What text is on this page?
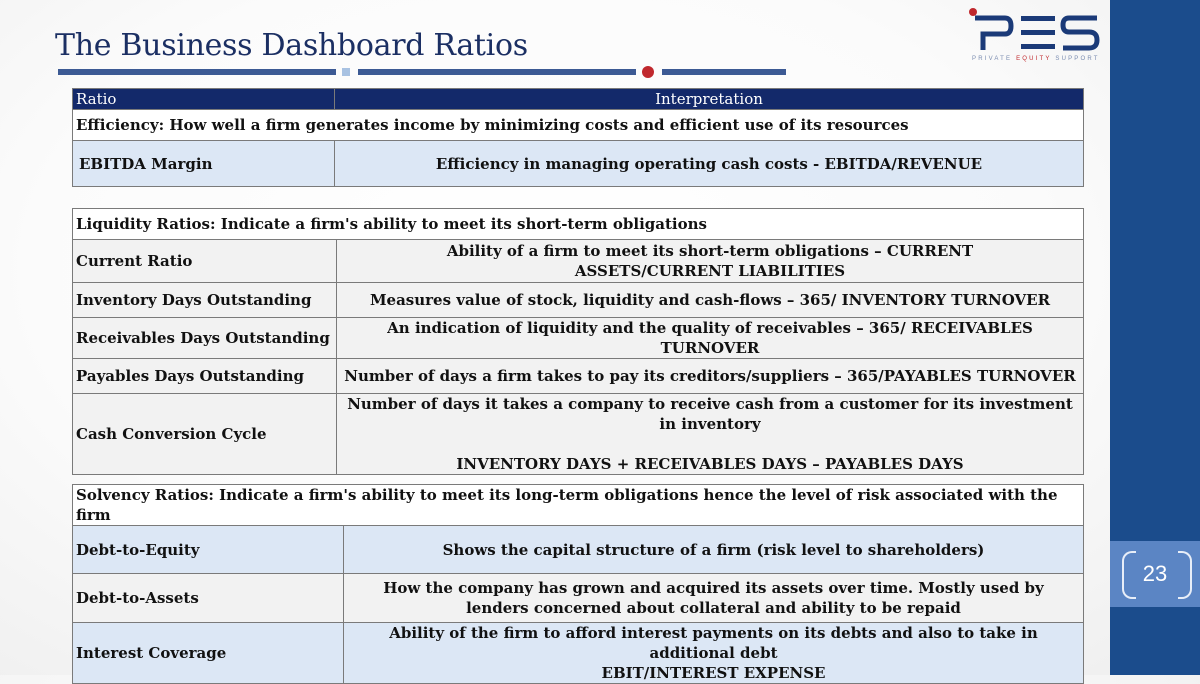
23
The Business Dashboard Ratios	PRIVATE EQUITY SUPPORT
Ratio	Interpretation
Efficiency: How well a firm generates income by minimizing costs and efficient use of its resources	
EBITDA Margin	Efficiency in managing operating cash costs - EBITDA/REVENUE
Liquidity Ratios: Indicate a firm's ability to meet its short-term obligations	
Current Ratio	Ability of a firm to meet its short-term obligations – CURRENT ASSETS/CURRENT LIABILITIES
Inventory Days Outstanding	Measures value of stock, liquidity and cash-flows – 365/ INVENTORY TURNOVER
Receivables Days Outstanding	An indication of liquidity and the quality of receivables – 365/ RECEIVABLES TURNOVER
Payables Days Outstanding	Number of days a firm takes to pay its creditors/suppliers – 365/PAYABLES TURNOVER
Cash Conversion Cycle	Number of days it takes a company to receive cash from a customer for its investment in inventory
INVENTORY DAYS + RECEIVABLES DAYS – PAYABLES DAYS
Solvency Ratios: Indicate a firm's ability to meet its long-term obligations hence the level of risk associated with the firm	
Debt-to-Equity	Shows the capital structure of a firm (risk level to shareholders)
Debt-to-Assets	How the company has grown and acquired its assets over time. Mostly used by lenders concerned about collateral and ability to be repaid
Interest Coverage	Ability of the firm to afford interest payments on its debts and also to take in additional debt
EBIT/INTEREST EXPENSE
